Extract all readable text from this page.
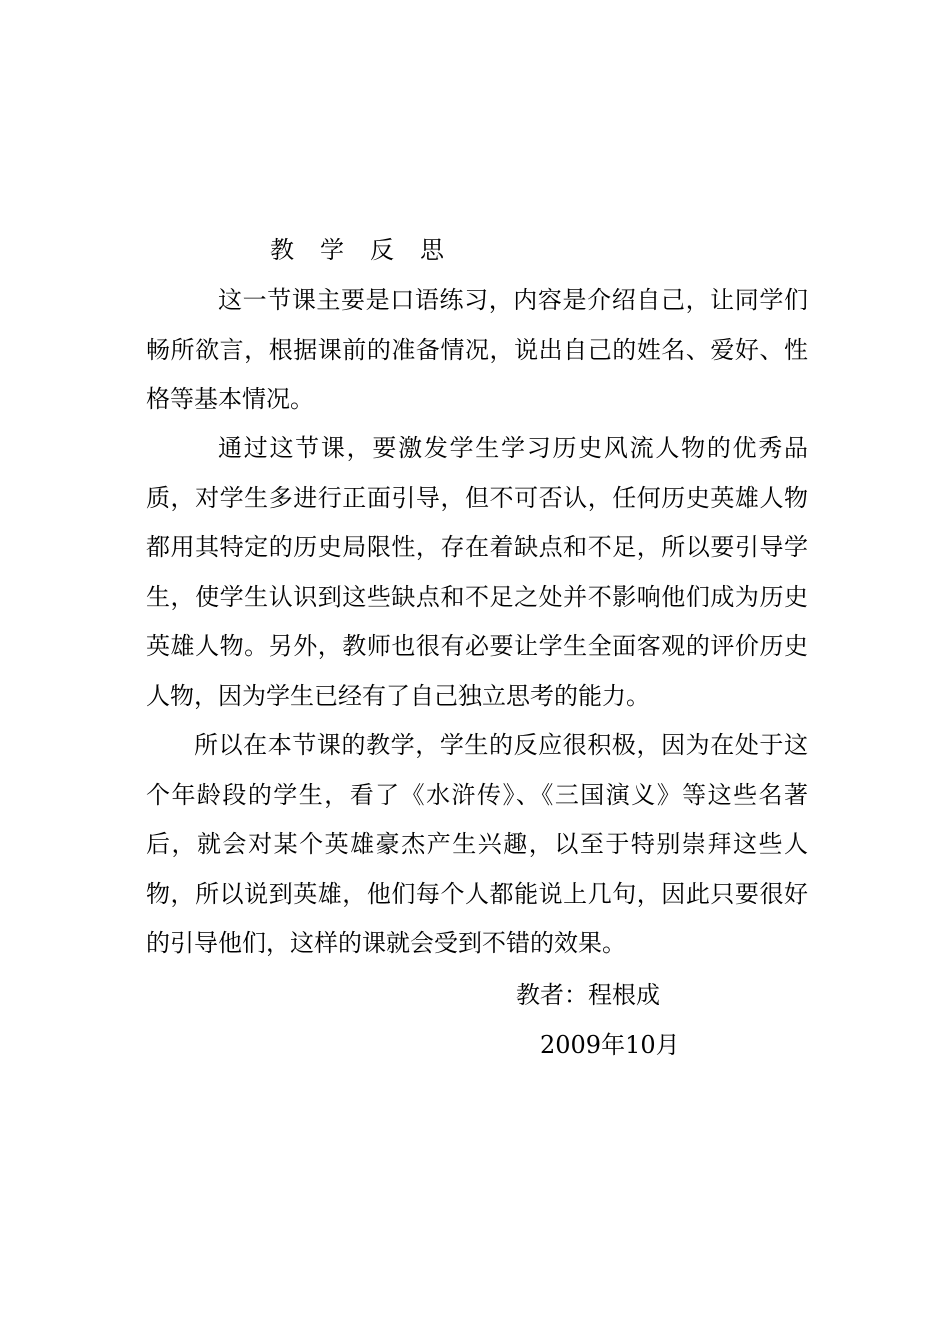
教学反思

这一节课主要是口语练习，内容是介绍自己，让同学们畅所欲言，根据课前的准备情况，说出自己的姓名、爱好、性格等基本情况。

通过这节课，要激发学生学习历史风流人物的优秀品质，对学生多进行正面引导，但不可否认，任何历史英雄人物都用其特定的历史局限性，存在着缺点和不足，所以要引导学生，使学生认识到这些缺点和不足之处并不影响他们成为历史英雄人物。另外，教师也很有必要让学生全面客观的评价历史人物，因为学生已经有了自己独立思考的能力。

所以在本节课的教学，学生的反应很积极，因为在处于这个年龄段的学生，看了《水浒传》、《三国演义》等这些名著后，就会对某个英雄豪杰产生兴趣，以至于特别崇拜这些人物，所以说到英雄，他们每个人都能说上几句，因此只要很好的引导他们，这样的课就会受到不错的效果。

教者：程根成
2009年10月
